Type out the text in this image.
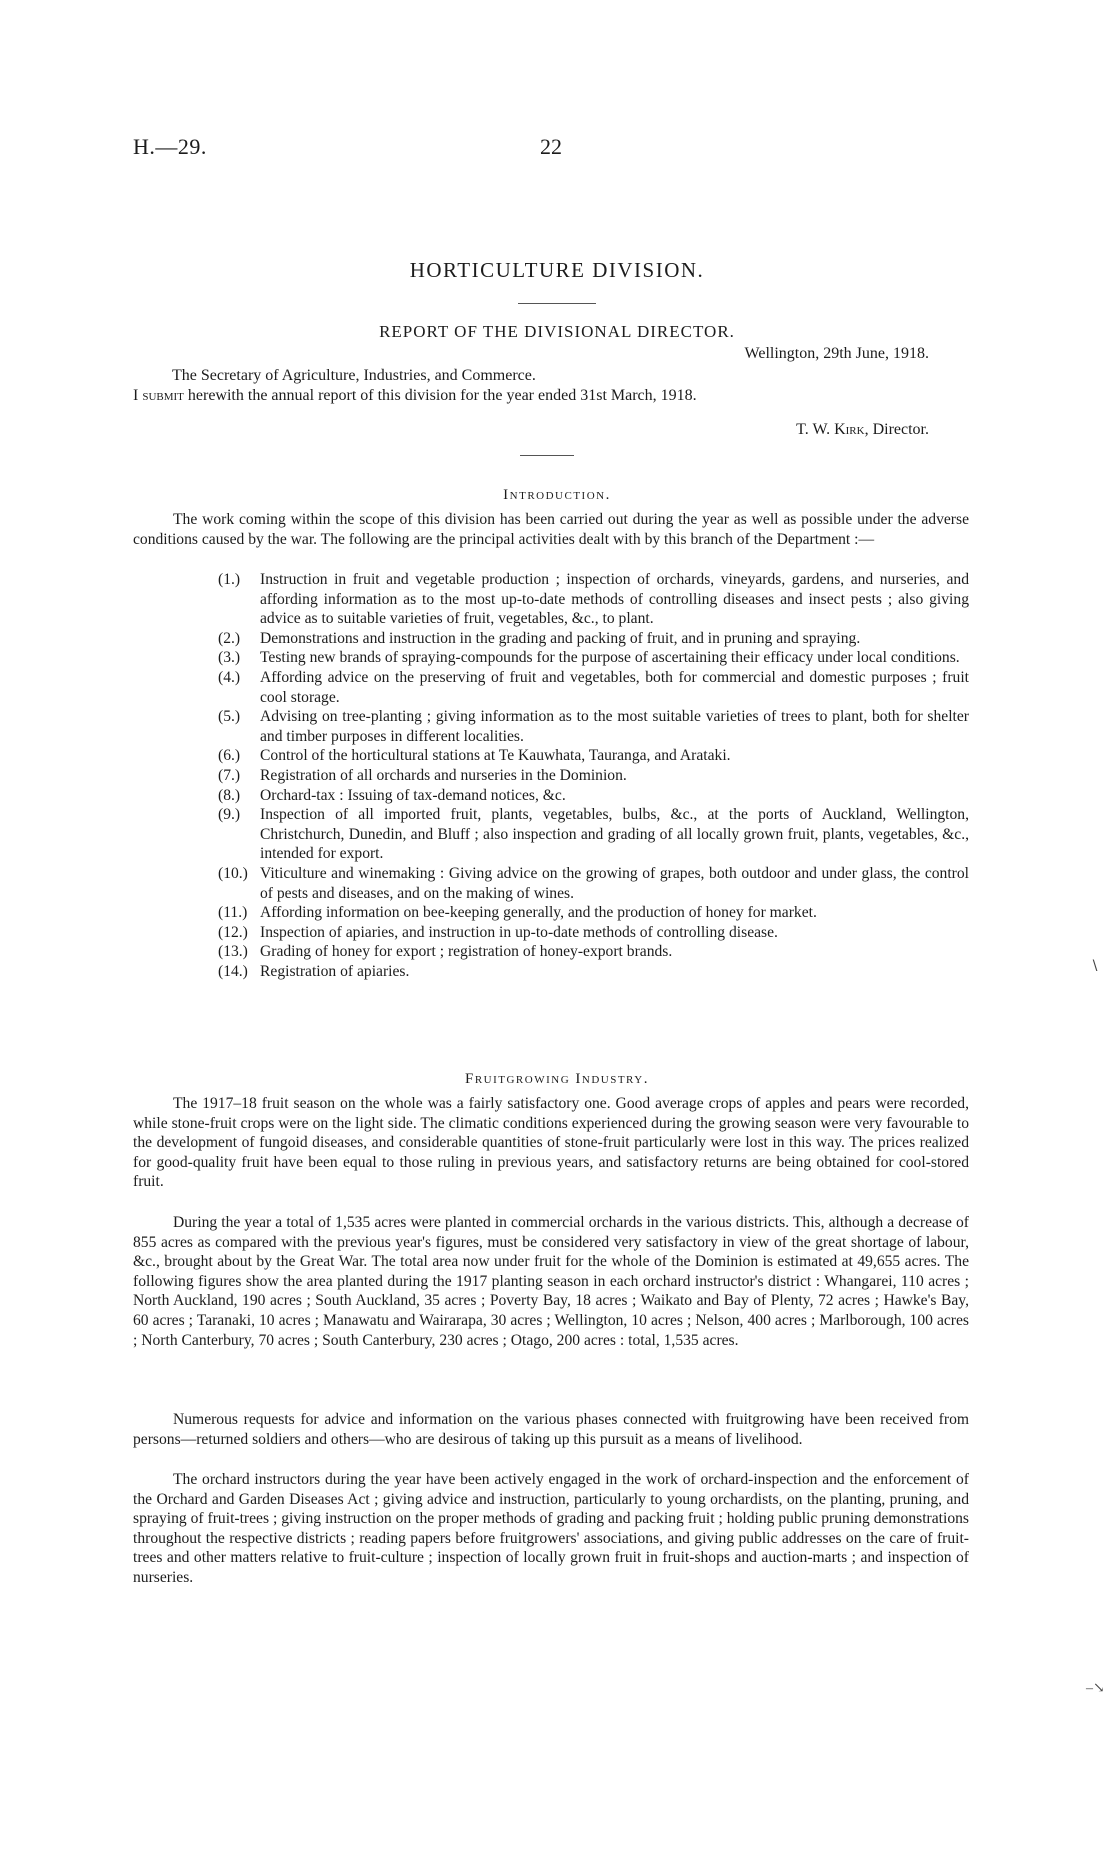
H.—29.	22
HORTICULTURE DIVISION.
REPORT OF THE DIVISIONAL DIRECTOR.
Wellington, 29th June, 1918.
The Secretary of Agriculture, Industries, and Commerce.
I submit herewith the annual report of this division for the year ended 31st March, 1918.
T. W. Kirk, Director.
Introduction.
The work coming within the scope of this division has been carried out during the year as well as possible under the adverse conditions caused by the war. The following are the principal activities dealt with by this branch of the Department :—
(1.) Instruction in fruit and vegetable production ; inspection of orchards, vineyards, gardens, and nurseries, and affording information as to the most up-to-date methods of controlling diseases and insect pests ; also giving advice as to suitable varieties of fruit, vegetables, &c., to plant.
(2.) Demonstrations and instruction in the grading and packing of fruit, and in pruning and spraying.
(3.) Testing new brands of spraying-compounds for the purpose of ascertaining their efficacy under local conditions.
(4.) Affording advice on the preserving of fruit and vegetables, both for commercial and domestic purposes ; fruit cool storage.
(5.) Advising on tree-planting ; giving information as to the most suitable varieties of trees to plant, both for shelter and timber purposes in different localities.
(6.) Control of the horticultural stations at Te Kauwhata, Tauranga, and Arataki.
(7.) Registration of all orchards and nurseries in the Dominion.
(8.) Orchard-tax : Issuing of tax-demand notices, &c.
(9.) Inspection of all imported fruit, plants, vegetables, bulbs, &c., at the ports of Auckland, Wellington, Christchurch, Dunedin, and Bluff ; also inspection and grading of all locally grown fruit, plants, vegetables, &c., intended for export.
(10.) Viticulture and winemaking : Giving advice on the growing of grapes, both outdoor and under glass, the control of pests and diseases, and on the making of wines.
(11.) Affording information on bee-keeping generally, and the production of honey for market.
(12.) Inspection of apiaries, and instruction in up-to-date methods of controlling disease.
(13.) Grading of honey for export ; registration of honey-export brands.
(14.) Registration of apiaries.
Fruitgrowing Industry.
The 1917–18 fruit season on the whole was a fairly satisfactory one. Good average crops of apples and pears were recorded, while stone-fruit crops were on the light side. The climatic conditions experienced during the growing season were very favourable to the development of fungoid diseases, and considerable quantities of stone-fruit particularly were lost in this way. The prices realized for good-quality fruit have been equal to those ruling in previous years, and satisfactory returns are being obtained for cool-stored fruit.
During the year a total of 1,535 acres were planted in commercial orchards in the various districts. This, although a decrease of 855 acres as compared with the previous year's figures, must be considered very satisfactory in view of the great shortage of labour, &c., brought about by the Great War. The total area now under fruit for the whole of the Dominion is estimated at 49,655 acres. The following figures show the area planted during the 1917 planting season in each orchard instructor's district : Whangarei, 110 acres ; North Auckland, 190 acres ; South Auckland, 35 acres ; Poverty Bay, 18 acres ; Waikato and Bay of Plenty, 72 acres ; Hawke's Bay, 60 acres ; Taranaki, 10 acres ; Manawatu and Wairarapa, 30 acres ; Wellington, 10 acres ; Nelson, 400 acres ; Marlborough, 100 acres ; North Canterbury, 70 acres ; South Canterbury, 230 acres ; Otago, 200 acres : total, 1,535 acres.
Numerous requests for advice and information on the various phases connected with fruitgrowing have been received from persons—returned soldiers and others—who are desirous of taking up this pursuit as a means of livelihood.
The orchard instructors during the year have been actively engaged in the work of orchard-inspection and the enforcement of the Orchard and Garden Diseases Act ; giving advice and instruction, particularly to young orchardists, on the planting, pruning, and spraying of fruit-trees ; giving instruction on the proper methods of grading and packing fruit ; holding public pruning demonstrations throughout the respective districts ; reading papers before fruitgrowers' associations, and giving public addresses on the care of fruit-trees and other matters relative to fruit-culture ; inspection of locally grown fruit in fruit-shops and auction-marts ; and inspection of nurseries.
∖
–↘
